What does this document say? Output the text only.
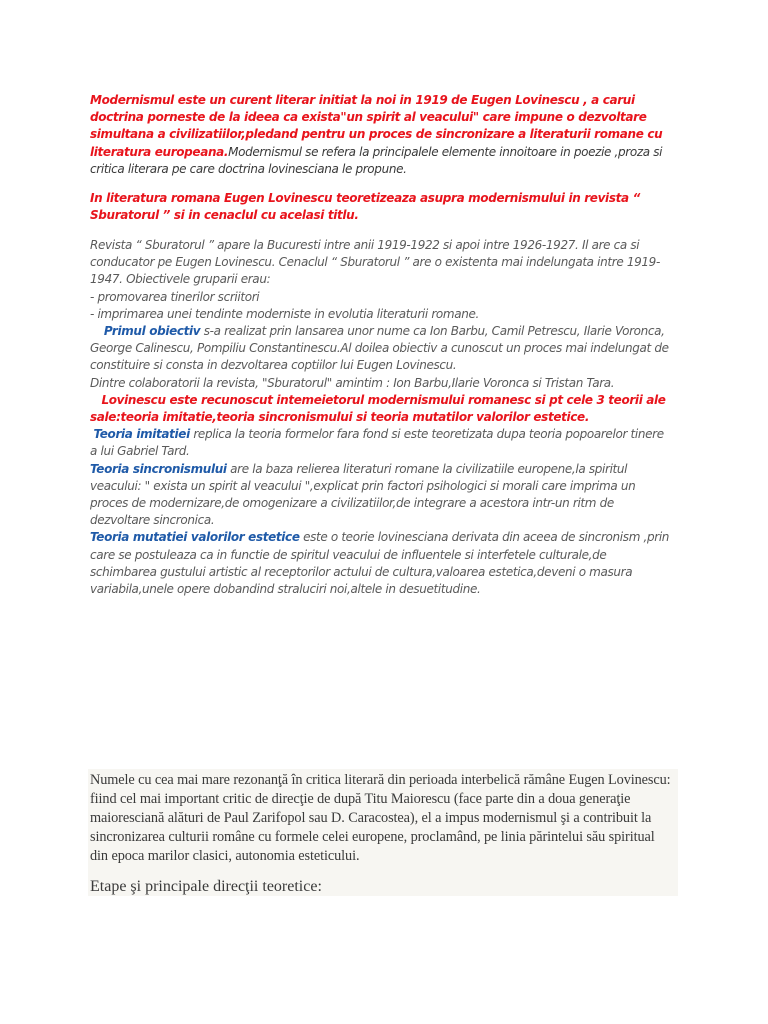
Modernismul este un curent literar initiat la noi in 1919 de Eugen Lovinescu , a carui doctrina porneste de la ideea ca exista"un spirit al veacului" care impune o dezvoltare simultana a civilizatiilor,pledand pentru un proces de sincronizare a literaturii romane cu literatura europeana.Modernismul se refera la principalele elemente innoitoare in poezie ,proza si critica literara pe care doctrina lovinesciana le propune.

In literatura romana Eugen Lovinescu teoretizeaza asupra modernismului in revista “ Sburatorul ” si in cenaclul cu acelasi titlu.

Revista “ Sburatorul ” apare la Bucuresti intre anii 1919-1922 si apoi intre 1926-1927. Il are ca si conducator pe Eugen Lovinescu. Cenaclul “ Sburatorul ” are o existenta mai indelungata intre 1919-1947. Obiectivele gruparii erau:
- promovarea tinerilor scriitori
- imprimarea unei tendinte moderniste in evolutia literaturii romane.
Primul obiectiv s-a realizat prin lansarea unor nume ca Ion Barbu, Camil Petrescu, Ilarie Voronca, George Calinescu, Pompiliu Constantinescu.Al doilea obiectiv a cunoscut un proces mai indelungat de constituire si consta in dezvoltarea coptiilor lui Eugen Lovinescu.
Dintre colaboratorii la revista, "Sburatorul" amintim : Ion Barbu,Ilarie Voronca si Tristan Tara.
Lovinescu este recunoscut intemeietorul modernismului romanesc si pt cele 3 teorii ale sale:teoria imitatie,teoria sincronismului si teoria mutatilor valorilor estetice.
Teoria imitatiei replica la teoria formelor fara fond si este teoretizata dupa teoria popoarelor tinere a lui Gabriel Tard.
Teoria sincronismului are la baza relierea literaturi romane la civilizatiile europene,la spiritul veacului: " exista un spirit al veacului ",explicat prin factori psihologici si morali care imprima un proces de modernizare,de omogenizare a civilizatiilor,de integrare a acestora intr-un ritm de dezvoltare sincronica.
Teoria mutatiei valorilor estetice este o teorie lovinesciana derivata din aceea de sincronism ,prin care se postuleaza ca in functie de spiritul veacului de influentele si interfetele culturale,de schimbarea gustului artistic al receptorilor actului de cultura,valoarea estetica,deveni o masura variabila,unele opere dobandind straluciri noi,altele in desuetitudine.

Numele cu cea mai mare rezonanţă în critica literară din perioada interbelică rămâne Eugen Lovinescu: fiind cel mai important critic de direcţie de după Titu Maiorescu (face parte din a doua generaţie maioresciană alături de Paul Zarifopol sau D. Caracostea), el a impus modernismul şi a contribuit la sincronizarea culturii române cu formele celei europene, proclamând, pe linia părintelui său spiritual din epoca marilor clasici, autonomia esteticului.

Etape şi principale direcţii teoretice:
